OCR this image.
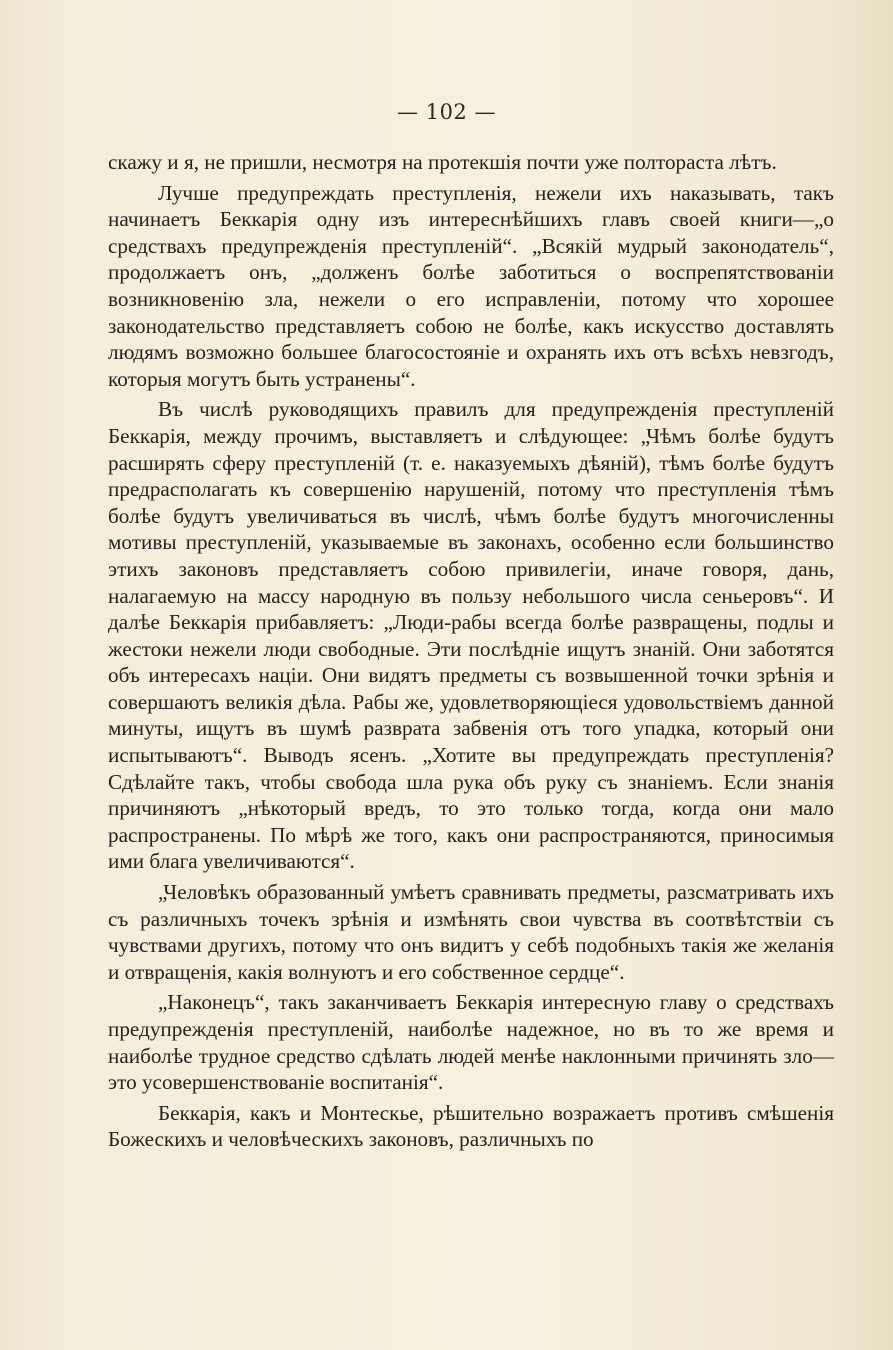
— 102 —

скажу и я, не пришли, несмотря на протекшія почти уже полтораста лѣтъ.

Лучше предупреждать преступленія, нежели ихъ наказывать, такъ начинаетъ Беккарія одну изъ интереснѣйшихъ главъ своей книги—„о средствахъ предупрежденія преступленій“. „Всякій мудрый законодатель“, продолжаетъ онъ, „долженъ болѣе заботиться о воспрепятствованіи возникновенію зла, нежели о его исправленіи, потому что хорошее законодательство представляетъ собою не болѣе, какъ искусство доставлять людямъ возможно большее благосостояніе и охранять ихъ отъ всѣхъ невзгодъ, которыя могутъ быть устранены“.

Въ числѣ руководящихъ правилъ для предупрежденія преступленій Беккарія, между прочимъ, выставляетъ и слѣдующее: „Чѣмъ болѣе будутъ расширять сферу преступленій (т. е. наказуемыхъ дѣяній), тѣмъ болѣе будутъ предрасполагать къ совершенію нарушеній, потому что преступленія тѣмъ болѣе будутъ увеличиваться въ числѣ, чѣмъ болѣе будутъ многочисленны мотивы преступленій, указываемые въ законахъ, особенно если большинство этихъ законовъ представляетъ собою привилегіи, иначе говоря, дань, налагаемую на массу народную въ пользу небольшого числа сеньеровъ“. И далѣе Беккарія прибавляетъ: „Люди-рабы всегда болѣе развращены, подлы и жестоки нежели люди свободные. Эти послѣдніе ищутъ знаній. Они заботятся объ интересахъ націи. Они видятъ предметы съ возвышенной точки зрѣнія и совершаютъ великія дѣла. Рабы же, удовлетворяющіеся удовольствіемъ данной минуты, ищутъ въ шумѣ разврата забвенія отъ того упадка, который они испытываютъ“. Выводъ ясенъ. „Хотите вы предупреждать преступленія? Сдѣлайте такъ, чтобы свобода шла рука объ руку съ знаніемъ. Если знанія причиняютъ „нѣкоторый вредъ, то это только тогда, когда они мало распространены. По мѣрѣ же того, какъ они распространяются, приносимыя ими блага увеличиваются“.

„Человѣкъ образованный умѣетъ сравнивать предметы, разсматривать ихъ съ различныхъ точекъ зрѣнія и измѣнять свои чувства въ соотвѣтствіи съ чувствами другихъ, потому что онъ видитъ у себѣ подобныхъ такія же желанія и отвращенія, какія волнуютъ и его собственное сердце“.

„Наконецъ“, такъ заканчиваетъ Беккарія интересную главу о средствахъ предупрежденія преступленій, наиболѣе надежное, но въ то же время и наиболѣе трудное средство сдѣлать людей менѣе наклонными причинять зло—это усовершенствованіе воспитанія“.

Беккарія, какъ и Монтескье, рѣшительно возражаетъ противъ смѣшенія Божескихъ и человѣческихъ законовъ, различныхъ по
